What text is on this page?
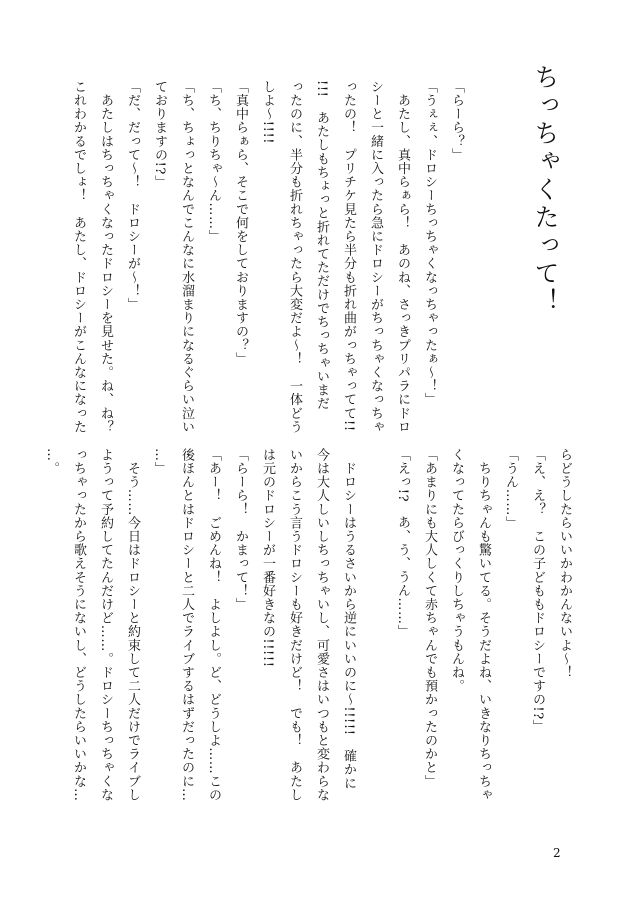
ちっちゃくたって！
「らーら？」
「うぇぇ、ドロシーちっちゃくなっちゃったぁ～！」
　あたし、真中らぁら！　あのね、さっきプリパラにドロ
シーと一緒に入ったら急にドロシーがちっちゃくなっちゃ
ったの！　プリチケ見たら半分も折れ曲がっちゃってて!!
!!!　あたしもちょっと折れてただけでちっちゃいまだ
ったのに、半分も折れちゃったら大変だよ～！　一体どう
しよ～!!!!
「真中らぁら、そこで何をしておりますの？」
「ち、ちりちゃ～ん……」
「ち、ちょっとなんでこんなに水溜まりになるぐらい泣い
ておりますの!?」
「だ、だって～！　ドロシーが～！」
　あたしはちっちゃくなったドロシーを見せた。ね、ね？
これわかるでしょ！　あたし、ドロシーがこんなになった
らどうしたらいいかわかんないよ～！
「え、え？　この子どももドロシーですの!?」
「うん……」
　ちりちゃんも驚いてる。そうだよね、いきなりちっちゃ
くなってたらびっくりしちゃうもんね。
「あまりにも大人しくて赤ちゃんでも預かったのかと」
「えっ!?　あ、う、うん……」
　ドロシーはうるさいから逆にいいのに～!!!!!　確かに
今は大人しいしちっちゃいし、可愛さはいつもと変わらな
いからこう言うドロシーも好きだけど！　でも！　あたし
は元のドロシーが一番好きなの!!!!!
「らーら！　かまって！」
「あー！　ごめんね！　よしよし。ど、どうしよ……この
後ほんとはドロシーと二人でライブするはずだったのに…
…」
　そう……今日はドロシーと約束して二人だけでライブし
ようって予約してたんだけど……。ドロシーちっちゃくな
っちゃったから歌えそうにないし、どうしたらいいかな…
…。
2
